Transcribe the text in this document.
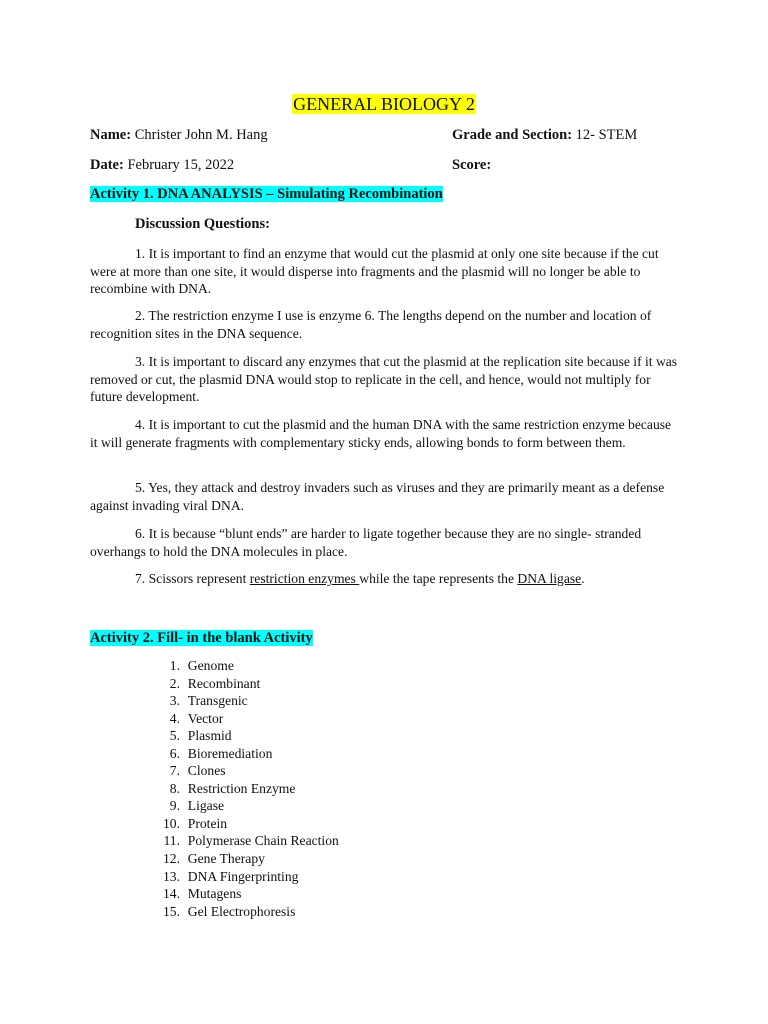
GENERAL BIOLOGY 2
Name: Christer John M. Hang	Grade and Section: 12- STEM
Date: February 15, 2022	Score:
Activity 1. DNA ANALYSIS – Simulating Recombination
Discussion Questions:
1. It is important to find an enzyme that would cut the plasmid at only one site because if the cut were at more than one site, it would disperse into fragments and the plasmid will no longer be able to recombine with DNA.
2. The restriction enzyme I use is enzyme 6. The lengths depend on the number and location of recognition sites in the DNA sequence.
3. It is important to discard any enzymes that cut the plasmid at the replication site because if it was removed or cut, the plasmid DNA would stop to replicate in the cell, and hence, would not multiply for future development.
4. It is important to cut the plasmid and the human DNA with the same restriction enzyme because it will generate fragments with complementary sticky ends, allowing bonds to form between them.
5. Yes, they attack and destroy invaders such as viruses and they are primarily meant as a defense against invading viral DNA.
6. It is because “blunt ends” are harder to ligate together because they are no single- stranded overhangs to hold the DNA molecules in place.
7. Scissors represent restriction enzymes while the tape represents the DNA ligase.
Activity 2. Fill- in the blank Activity
1. Genome
2. Recombinant
3. Transgenic
4. Vector
5. Plasmid
6. Bioremediation
7. Clones
8. Restriction Enzyme
9. Ligase
10. Protein
11. Polymerase Chain Reaction
12. Gene Therapy
13. DNA Fingerprinting
14. Mutagens
15. Gel Electrophoresis
